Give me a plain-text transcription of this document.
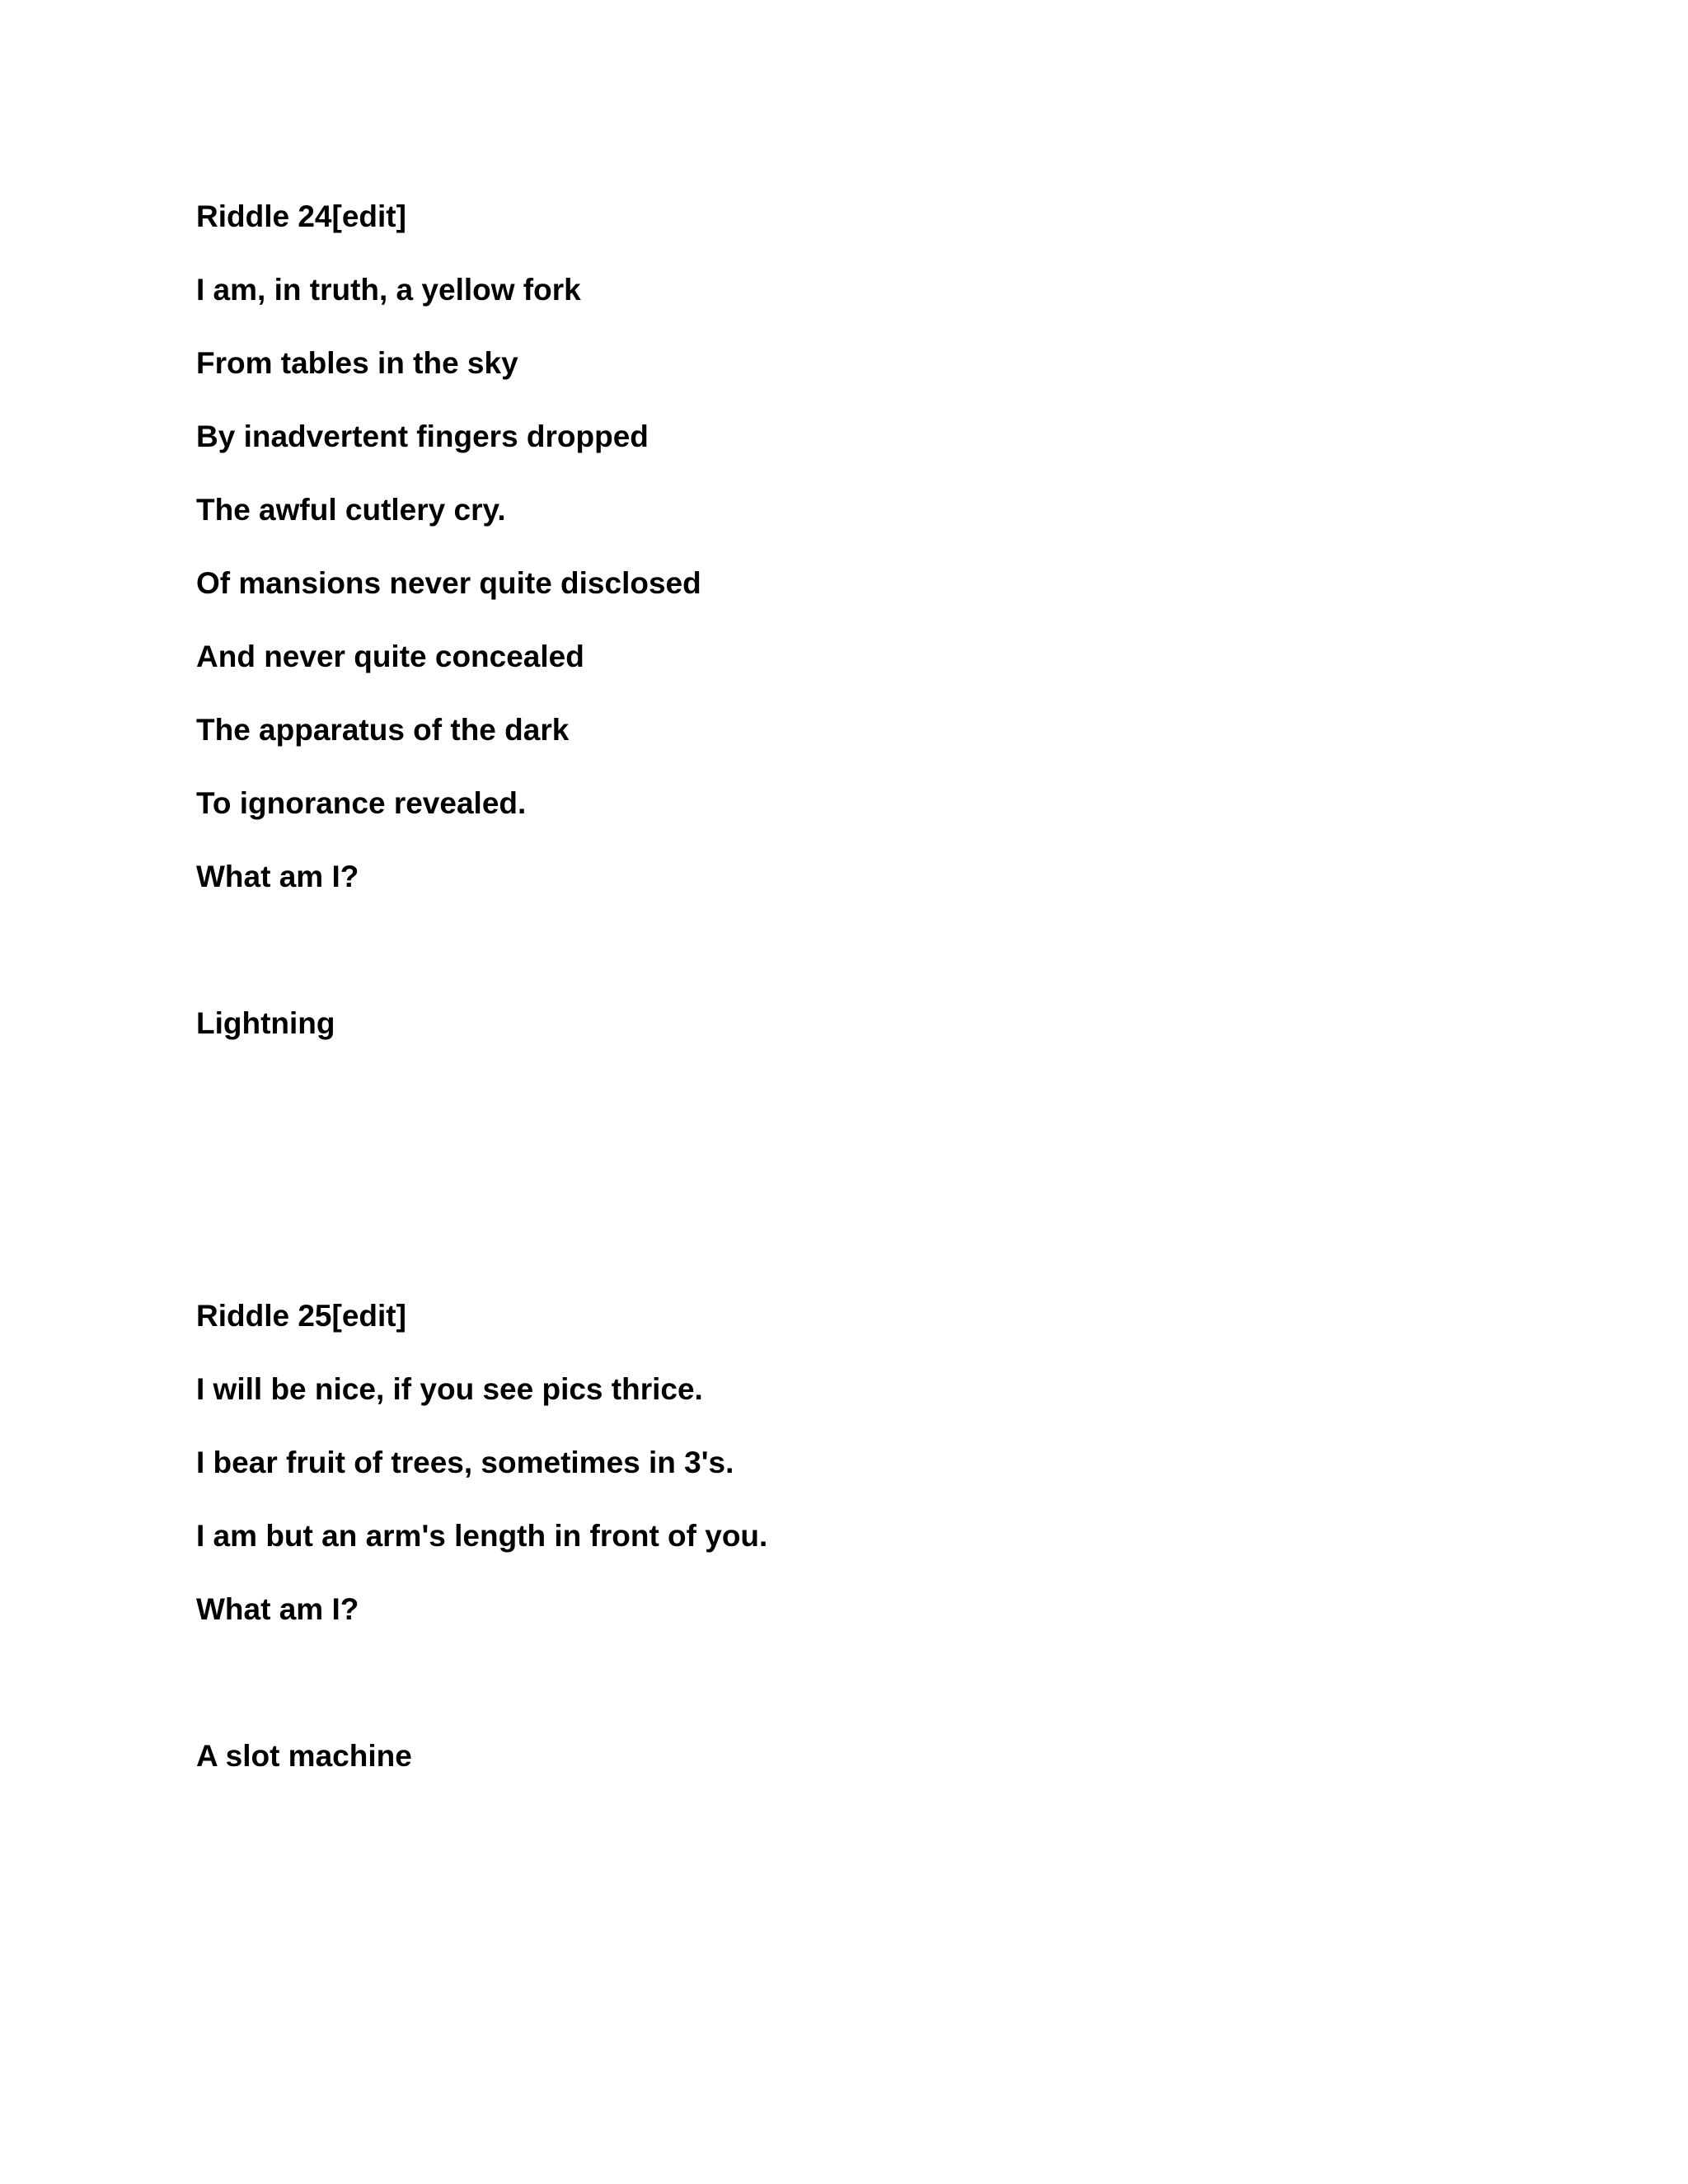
Riddle 24[edit]

I am, in truth, a yellow fork

From tables in the sky

By inadvertent fingers dropped

The awful cutlery cry.

Of mansions never quite disclosed

And never quite concealed

The apparatus of the dark

To ignorance revealed.

What am I?

Lightning

Riddle 25[edit]

I will be nice, if you see pics thrice.

I bear fruit of trees, sometimes in 3's.

I am but an arm's length in front of you.

What am I?

A slot machine
